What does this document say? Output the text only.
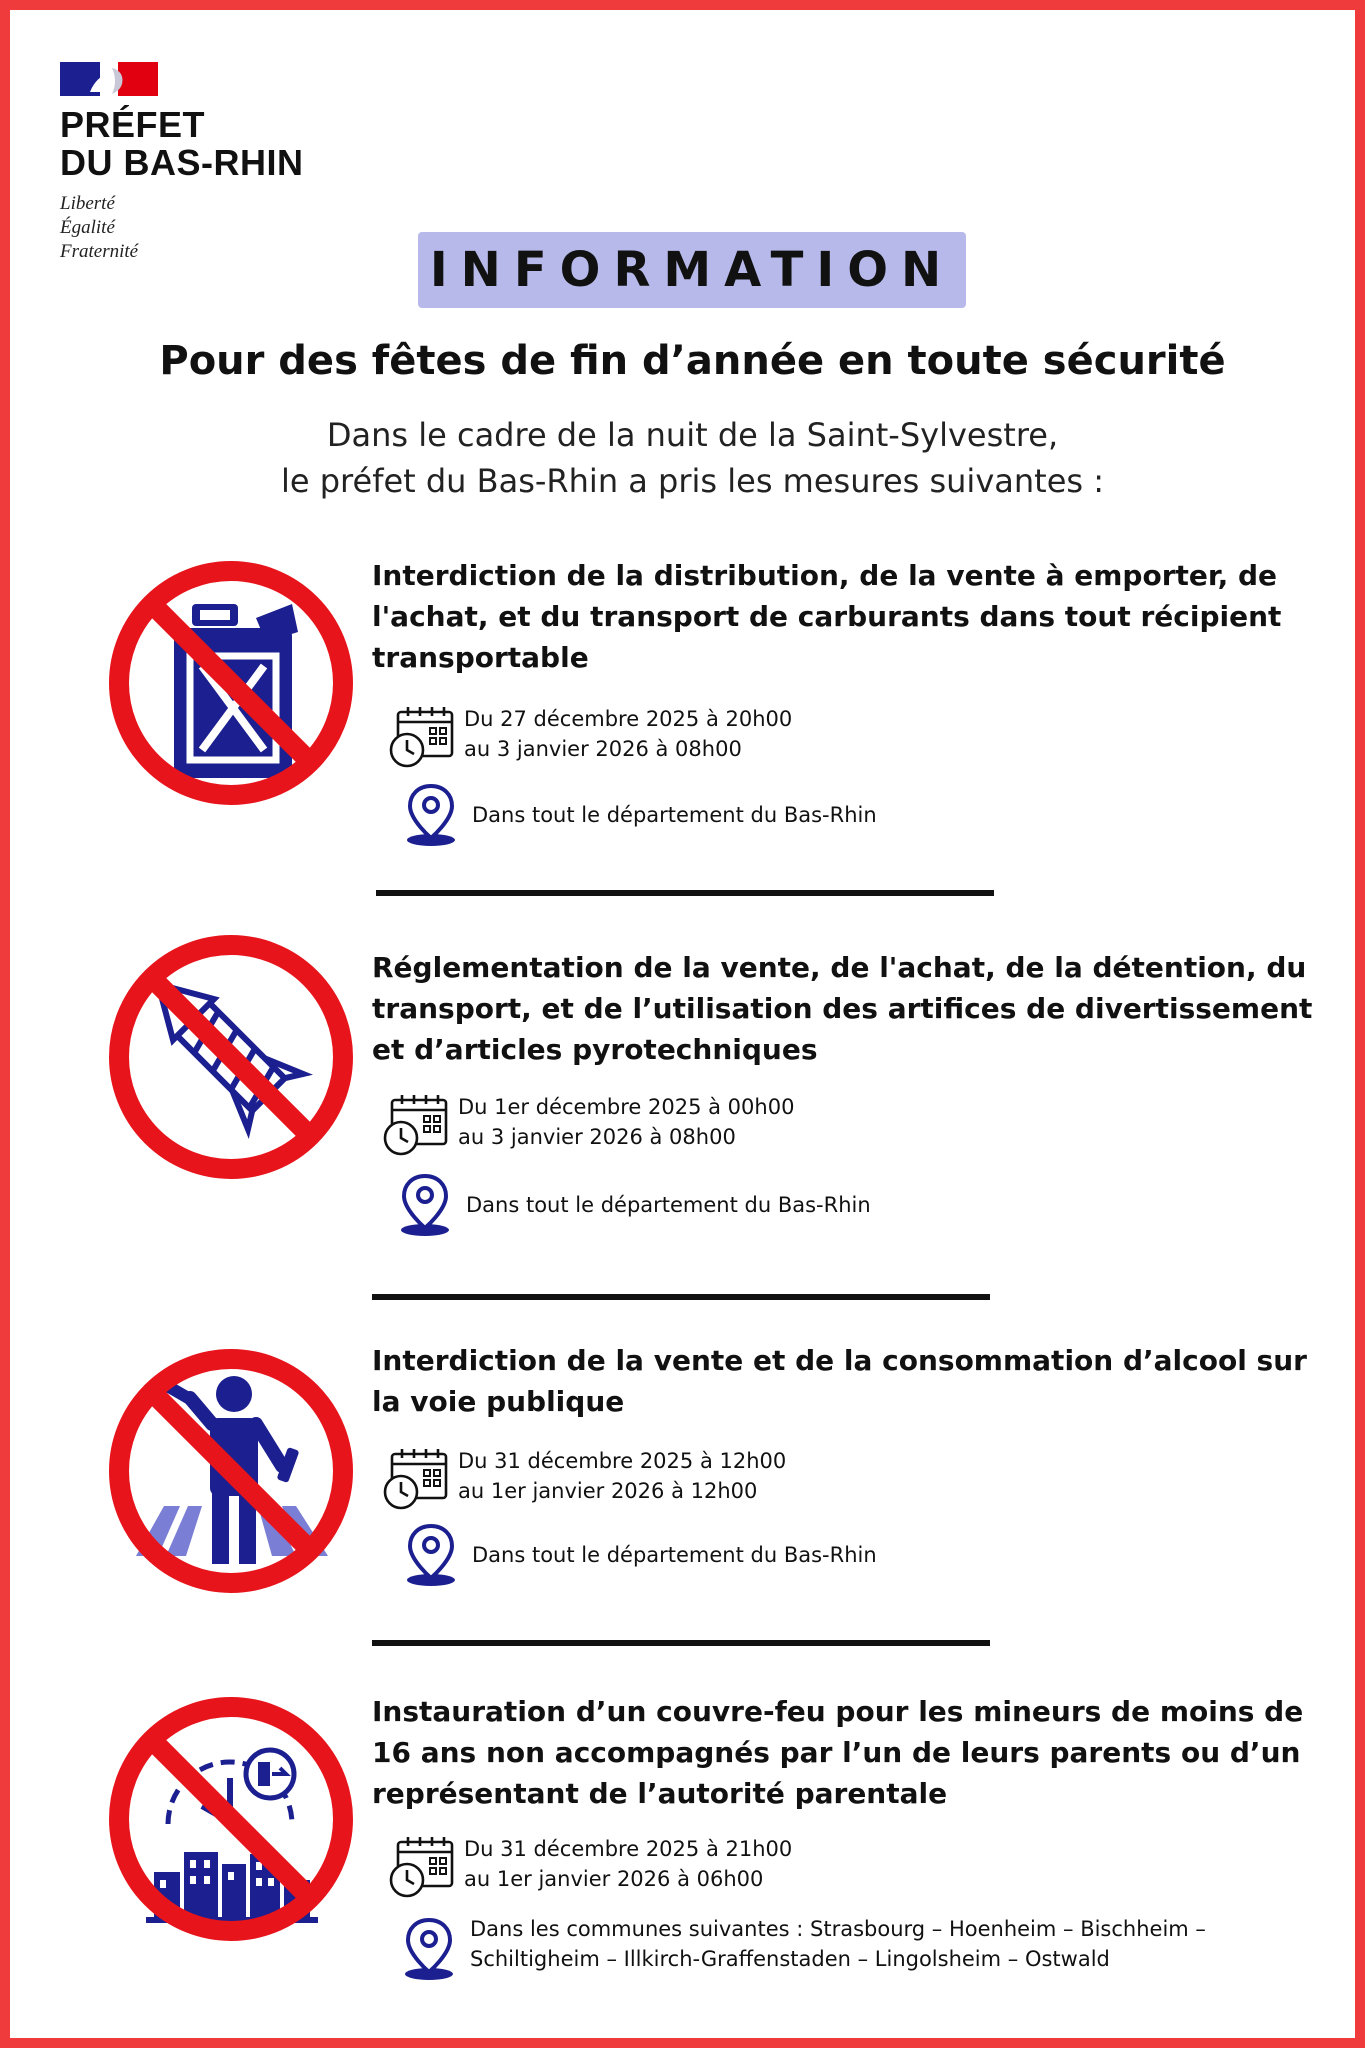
PRÉFET
DU BAS-RHIN
Liberté
Égalité
Fraternité	INFORMATION
Pour des fêtes de fin d’année en toute sécurité
Dans le cadre de la nuit de la Saint-Sylvestre,
le préfet du Bas-Rhin a pris les mesures suivantes :
Interdiction de la distribution, de la vente à emporter, de l'achat, et du transport de carburants dans tout récipient transportable
Du 27 décembre 2025 à 20h00
au 3 janvier 2026 à 08h00
Dans tout le département du Bas-Rhin
Réglementation de la vente, de l'achat, de la détention, du transport, et de l’utilisation des artifices de divertissement et d’articles pyrotechniques
Du 1er décembre 2025 à 00h00
au 3 janvier 2026 à 08h00
Dans tout le département du Bas-Rhin
Interdiction de la vente et de la consommation d’alcool sur la voie publique
Du 31 décembre 2025 à 12h00
au 1er janvier 2026 à 12h00
Dans tout le département du Bas-Rhin
Instauration d’un couvre-feu pour les mineurs de moins de 16 ans non accompagnés par l’un de leurs parents ou d’un représentant de l’autorité parentale
Du 31 décembre 2025 à 21h00
au 1er janvier 2026 à 06h00
Dans les communes suivantes : Strasbourg – Hoenheim – Bischheim –
Schiltigheim – Illkirch-Graffenstaden – Lingolsheim – Ostwald
